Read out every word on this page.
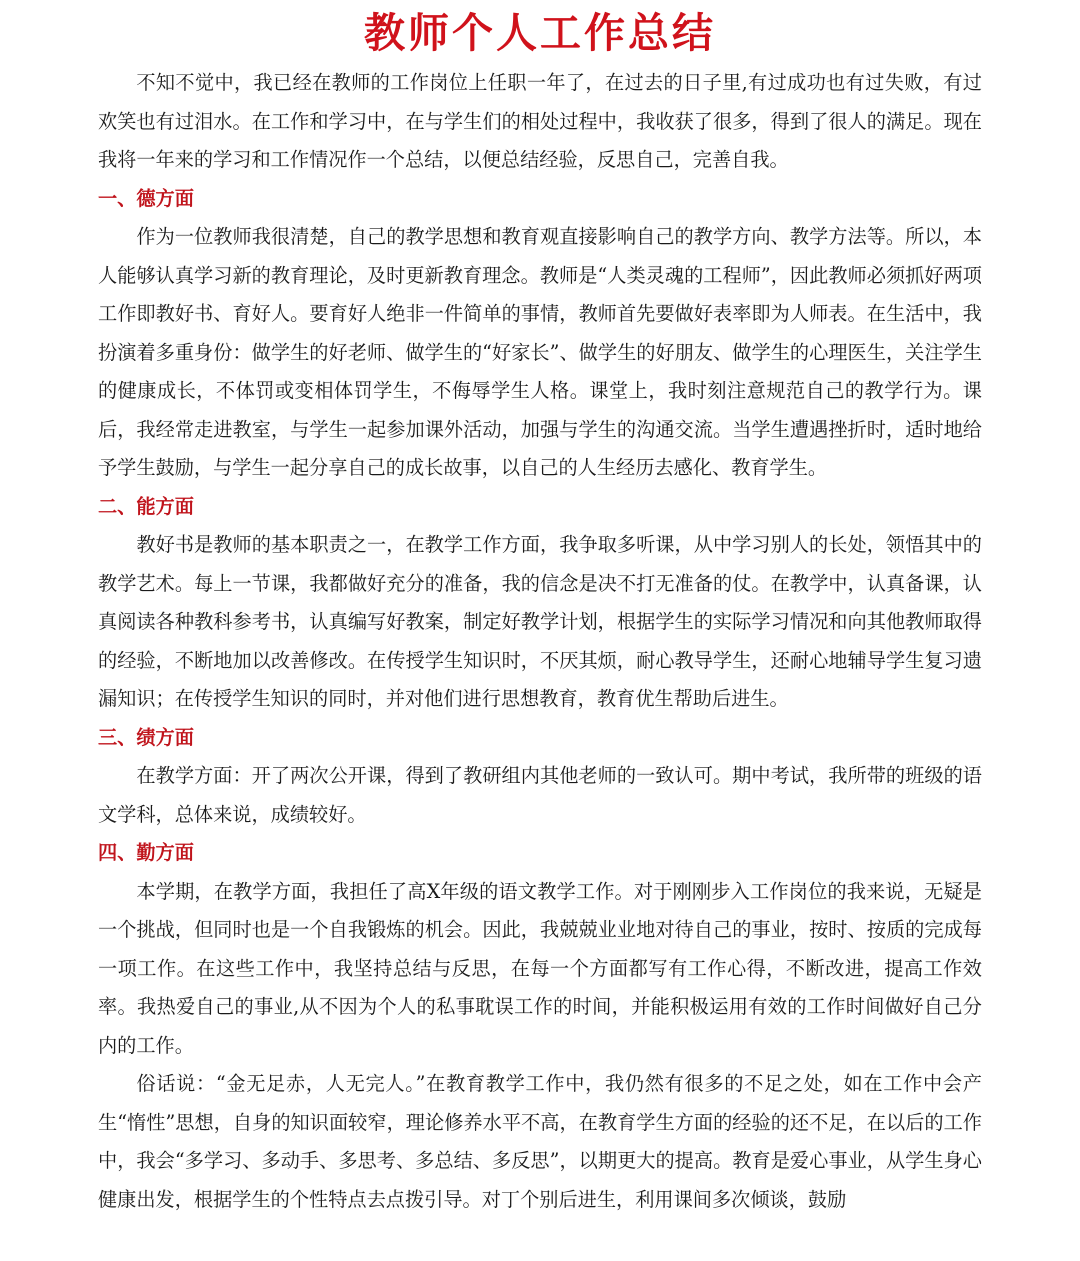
教师个人工作总结

不知不觉中，我已经在教师的工作岗位上任职一年了，在过去的日子里,有过成功也有过失败，有过欢笑也有过泪水。在工作和学习中，在与学生们的相处过程中，我收获了很多，得到了很人的满足。现在我将一年来的学习和工作情况作一个总结，以便总结经验，反思自己，完善自我。

一、德方面

作为一位教师我很清楚，自己的教学思想和教育观直接影响自己的教学方向、教学方法等。所以，本人能够认真学习新的教育理论，及时更新教育理念。教师是“人类灵魂的工程师”，因此教师必须抓好两项工作即教好书、育好人。要育好人绝非一件简单的事情，教师首先要做好表率即为人师表。在生活中，我扮演着多重身份：做学生的好老师、做学生的“好家长”、做学生的好朋友、做学生的心理医生，关注学生的健康成长，不体罚或变相体罚学生，不侮辱学生人格。课堂上，我时刻注意规范自己的教学行为。课后，我经常走进教室，与学生一起参加课外活动，加强与学生的沟通交流。当学生遭遇挫折时，适时地给予学生鼓励，与学生一起分享自己的成长故事，以自己的人生经历去感化、教育学生。

二、能方面

教好书是教师的基本职责之一，在教学工作方面，我争取多听课，从中学习别人的长处，领悟其中的教学艺术。每上一节课，我都做好充分的准备，我的信念是决不打无准备的仗。在教学中，认真备课，认真阅读各种教科参考书，认真编写好教案，制定好教学计划，根据学生的实际学习情况和向其他教师取得的经验，不断地加以改善修改。在传授学生知识时，不厌其烦，耐心教导学生，还耐心地辅导学生复习遗漏知识；在传授学生知识的同时，并对他们进行思想教育，教育优生帮助后进生。

三、绩方面

在教学方面：开了两次公开课，得到了教研组内其他老师的一致认可。期中考试，我所带的班级的语文学科，总体来说，成绩较好。

四、勤方面

本学期，在教学方面，我担任了高X年级的语文教学工作。对于刚刚步入工作岗位的我来说，无疑是一个挑战，但同时也是一个自我锻炼的机会。因此，我兢兢业业地对待自己的事业，按时、按质的完成每一项工作。在这些工作中，我坚持总结与反思，在每一个方面都写有工作心得，不断改进，提高工作效率。我热爱自己的事业,从不因为个人的私事耽误工作的时间，并能积极运用有效的工作时间做好自己分内的工作。

俗话说：“金无足赤，人无完人。”在教育教学工作中，我仍然有很多的不足之处，如在工作中会产生“惰性”思想，自身的知识面较窄，理论修养水平不高，在教育学生方面的经验的还不足，在以后的工作中，我会“多学习、多动手、多思考、多总结、多反思”，以期更大的提高。教育是爱心事业，从学生身心健康出发，根据学生的个性特点去点拨引导。对丁个别后进生，利用课间多次倾谈，鼓励
